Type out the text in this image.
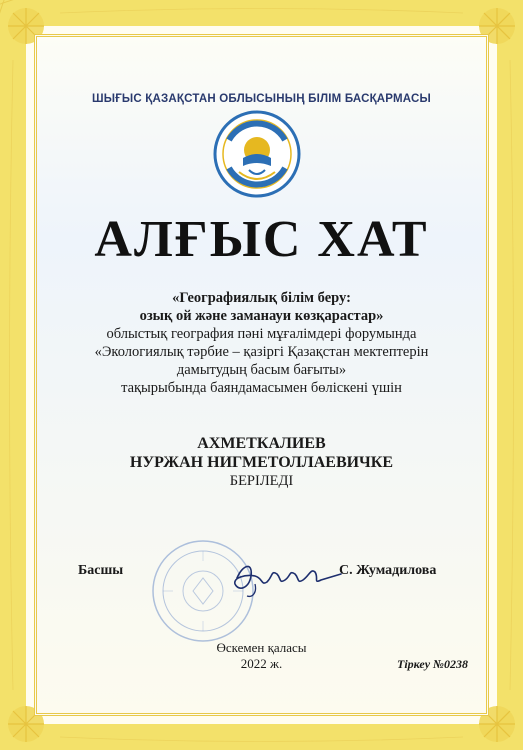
ШЫҒЫС ҚАЗАҚСТАН ОБЛЫСЫНЫҢ БІЛІМ БАСҚАРМАСЫ
АЛҒЫС ХАТ
«Географиялық білім беру:
озық ой және заманауи көзқарастар»
облыстық география пәні мұғалімдері форумында
«Экологиялық тәрбие – қазіргі Қазақстан мектептерін
дамытудың басым бағыты»
тақырыбында баяндамасымен бөлiскенi үшін
АХМЕТКАЛИЕВ
НУРЖАН НИГМЕТОЛЛАЕВИЧКЕ
БЕРІЛЕДІ
Басшы	С. Жумадилова
Өскемен қаласы
2022 ж.	Тіркеу №0238
